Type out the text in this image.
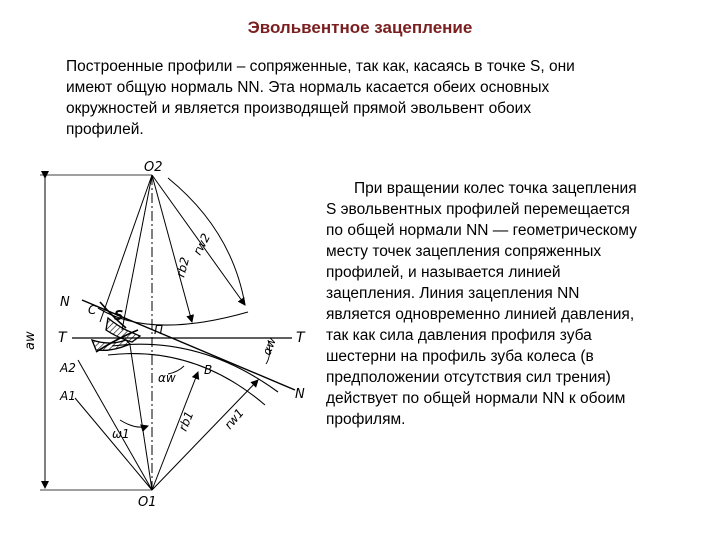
Эвольвентное зацепление
Построенные профили – сопряженные, так как, касаясь в точке S, они
имеют общую нормаль NN. Эта нормаль касается обеих основных
окружностей и является производящей прямой эвольвент обоих
профилей.
При вращении колес точка зацепления
S эвольвентных профилей перемещается
по общей нормали NN — геометрическому
месту точек зацепления сопряженных
профилей, и называется линией
зацепления. Линия зацепления NN
является одновременно линией давления,
так как сила давления профиля зуба
шестерни на профиль зуба колеса (в
предположении отсутствия сил трения)
действует по общей нормали NN к обоим
профилям.
aw
O2
O1
N
N
T	T
C S
П
A2
A1
B
ω1
αw
αw
rw2
rb2
rb1 rw1
